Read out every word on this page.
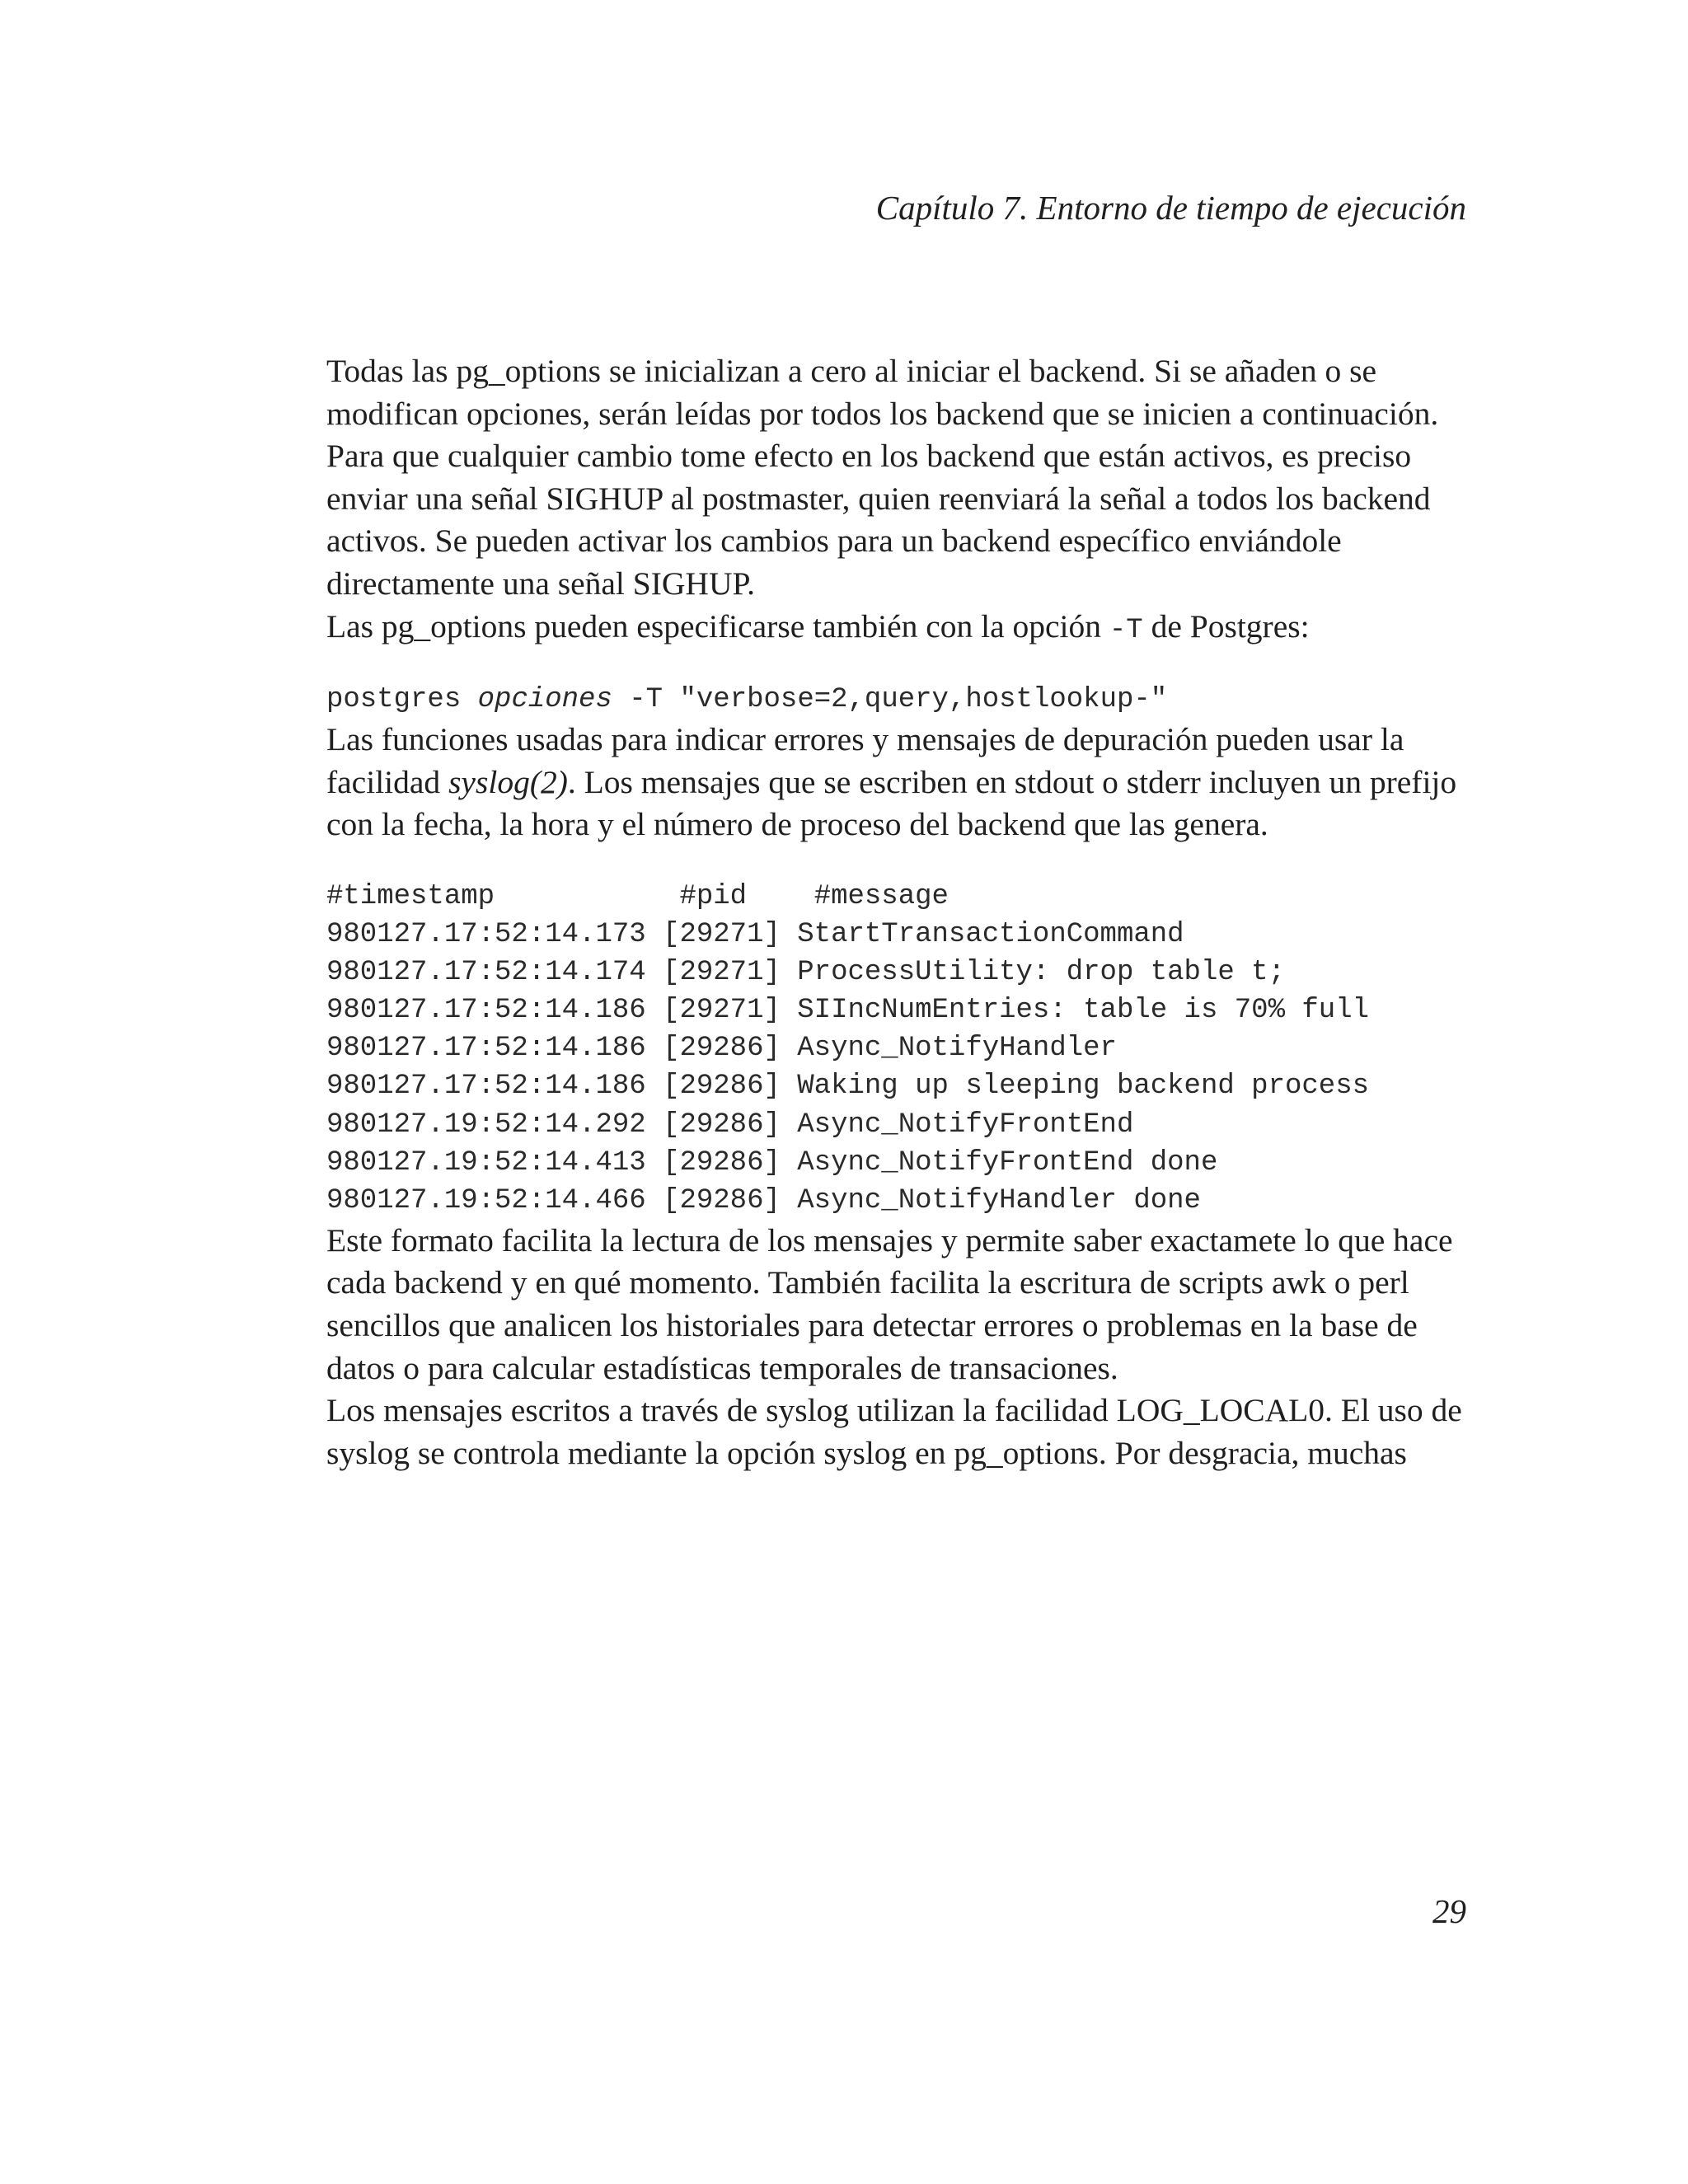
Capítulo 7. Entorno de tiempo de ejecución

Todas las pg_options se inicializan a cero al iniciar el backend. Si se añaden o se
modifican opciones, serán leídas por todos los backend que se inicien a continuación.
Para que cualquier cambio tome efecto en los backend que están activos, es preciso
enviar una señal SIGHUP al postmaster, quien reenviará la señal a todos los backend
activos. Se pueden activar los cambios para un backend específico enviándole
directamente una señal SIGHUP.

Las pg_options pueden especificarse también con la opción -T de Postgres:

postgres opciones -T "verbose=2,query,hostlookup-"

Las funciones usadas para indicar errores y mensajes de depuración pueden usar la
facilidad syslog(2). Los mensajes que se escriben en stdout o stderr incluyen un prefijo
con la fecha, la hora y el número de proceso del backend que las genera.

#timestamp	#pid #message
980127.17:52:14.173 [29271] StartTransactionCommand
980127.17:52:14.174 [29271] ProcessUtility: drop table t;
980127.17:52:14.186 [29271] SIIncNumEntries: table is 70% full
980127.17:52:14.186 [29286] Async_NotifyHandler
980127.17:52:14.186 [29286] Waking up sleeping backend process
980127.19:52:14.292 [29286] Async_NotifyFrontEnd
980127.19:52:14.413 [29286] Async_NotifyFrontEnd done
980127.19:52:14.466 [29286] Async_NotifyHandler done

Este formato facilita la lectura de los mensajes y permite saber exactamete lo que hace
cada backend y en qué momento. También facilita la escritura de scripts awk o perl
sencillos que analicen los historiales para detectar errores o problemas en la base de
datos o para calcular estadísticas temporales de transaciones.

Los mensajes escritos a través de syslog utilizan la facilidad LOG_LOCAL0. El uso de
syslog se controla mediante la opción syslog en pg_options. Por desgracia, muchas

29
